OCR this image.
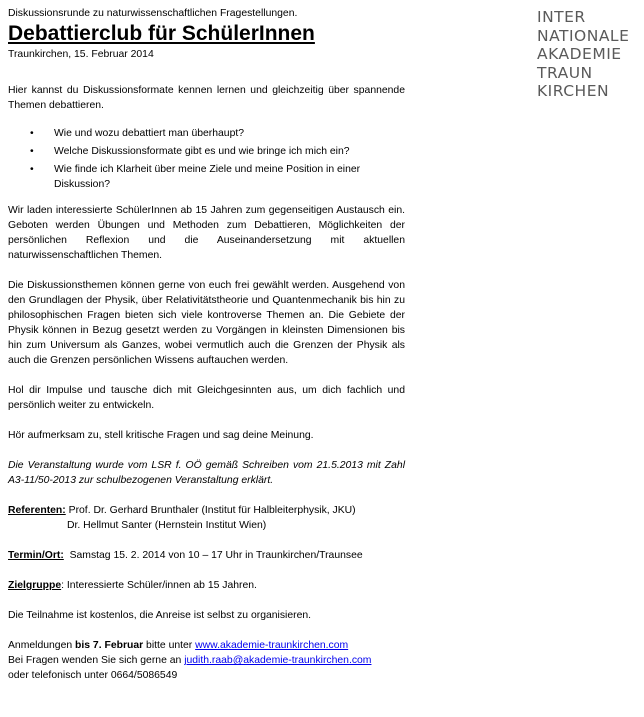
INTER
NATIONALE
AKADEMIE
TRAUN
KIRCHEN

Diskussionsrunde zu naturwissenschaftlichen Fragestellungen.

Debattierclub für SchülerInnen

Traunkirchen, 15. Februar 2014

Hier kannst du Diskussionsformate kennen lernen und gleichzeitig über spannende Themen debattieren.

• Wie und wozu debattiert man überhaupt?
• Welche Diskussionsformate gibt es und wie bringe ich mich ein?
• Wie finde ich Klarheit über meine Ziele und meine Position in einer Diskussion?

Wir laden interessierte SchülerInnen ab 15 Jahren zum gegenseitigen Austausch ein. Geboten werden Übungen und Methoden zum Debattieren, Möglichkeiten der persönlichen Reflexion und die Auseinandersetzung mit aktuellen naturwissenschaftlichen Themen.

Die Diskussionsthemen können gerne von euch frei gewählt werden. Ausgehend von den Grundlagen der Physik, über Relativitätstheorie und Quantenmechanik bis hin zu philosophischen Fragen bieten sich viele kontroverse Themen an. Die Gebiete der Physik können in Bezug gesetzt werden zu Vorgängen in kleinsten Dimensionen bis hin zum Universum als Ganzes, wobei vermutlich auch die Grenzen der Physik als auch die Grenzen persönlichen Wissens auftauchen werden.

Hol dir Impulse und tausche dich mit Gleichgesinnten aus, um dich fachlich und persönlich weiter zu entwickeln.

Hör aufmerksam zu, stell kritische Fragen und sag deine Meinung.

Die Veranstaltung wurde vom LSR f. OÖ gemäß Schreiben vom 21.5.2013 mit Zahl A3-11/50-2013 zur schulbezogenen Veranstaltung erklärt.

Referenten: Prof. Dr. Gerhard Brunthaler (Institut für Halbleiterphysik, JKU)

Dr. Hellmut Santer (Hernstein Institut Wien)

Termin/Ort:  Samstag 15. 2. 2014 von 10 – 17 Uhr in Traunkirchen/Traunsee

Zielgruppe: Interessierte Schüler/innen ab 15 Jahren.

Die Teilnahme ist kostenlos, die Anreise ist selbst zu organisieren.

Anmeldungen bis 7. Februar bitte unter www.akademie-traunkirchen.com

Bei Fragen wenden Sie sich gerne an judith.raab@akademie-traunkirchen.com

oder telefonisch unter 0664/5086549
